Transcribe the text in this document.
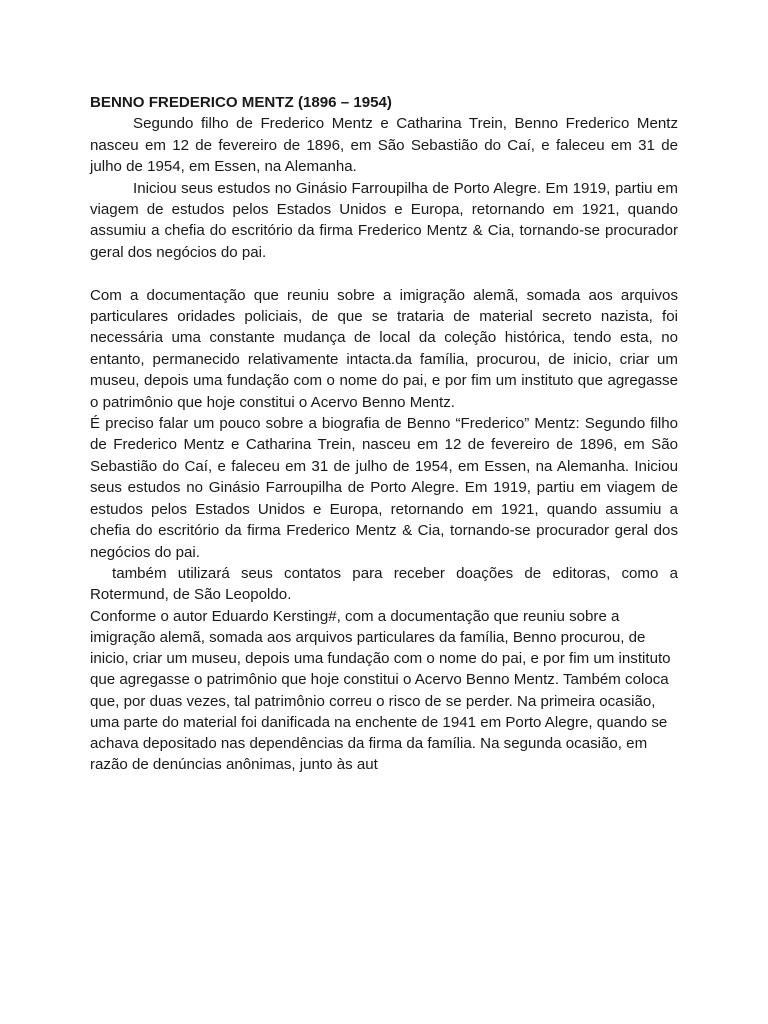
BENNO FREDERICO MENTZ (1896 – 1954)

Segundo filho de Frederico Mentz e Catharina Trein, Benno Frederico Mentz nasceu em 12 de fevereiro de 1896, em São Sebastião do Caí, e faleceu em 31 de julho de 1954, em Essen, na Alemanha.

Iniciou seus estudos no Ginásio Farroupilha de Porto Alegre. Em 1919, partiu em viagem de estudos pelos Estados Unidos e Europa, retornando em 1921, quando assumiu a chefia do escritório da firma Frederico Mentz & Cia, tornando-se procurador geral dos negócios do pai.

Com a documentação que reuniu sobre a imigração alemã, somada aos arquivos particulares oridades policiais, de que se trataria de material secreto nazista, foi necessária uma constante mudança de local da coleção histórica, tendo esta, no entanto, permanecido relativamente intacta.da família, procurou, de inicio, criar um museu, depois uma fundação com o nome do pai, e por fim um instituto que agregasse o patrimônio que hoje constitui o Acervo Benno Mentz.

É preciso falar um pouco sobre a biografia de Benno “Frederico” Mentz: Segundo filho de Frederico Mentz e Catharina Trein, nasceu em 12 de fevereiro de 1896, em São Sebastião do Caí, e faleceu em 31 de julho de 1954, em Essen, na Alemanha. Iniciou seus estudos no Ginásio Farroupilha de Porto Alegre. Em 1919, partiu em viagem de estudos pelos Estados Unidos e Europa, retornando em 1921, quando assumiu a chefia do escritório da firma Frederico Mentz & Cia, tornando-se procurador geral dos negócios do pai.

também utilizará seus contatos para receber doações de editoras, como a Rotermund, de São Leopoldo.

Conforme o autor Eduardo Kersting#, com a documentação que reuniu sobre a imigração alemã, somada aos arquivos particulares da família, Benno procurou, de inicio, criar um museu, depois uma fundação com o nome do pai, e por fim um instituto que agregasse o patrimônio que hoje constitui o Acervo Benno Mentz. Também coloca que, por duas vezes, tal patrimônio correu o risco de se perder. Na primeira ocasião, uma parte do material foi danificada na enchente de 1941 em Porto Alegre, quando se achava depositado nas dependências da firma da família. Na segunda ocasião, em razão de denúncias anônimas, junto às aut
